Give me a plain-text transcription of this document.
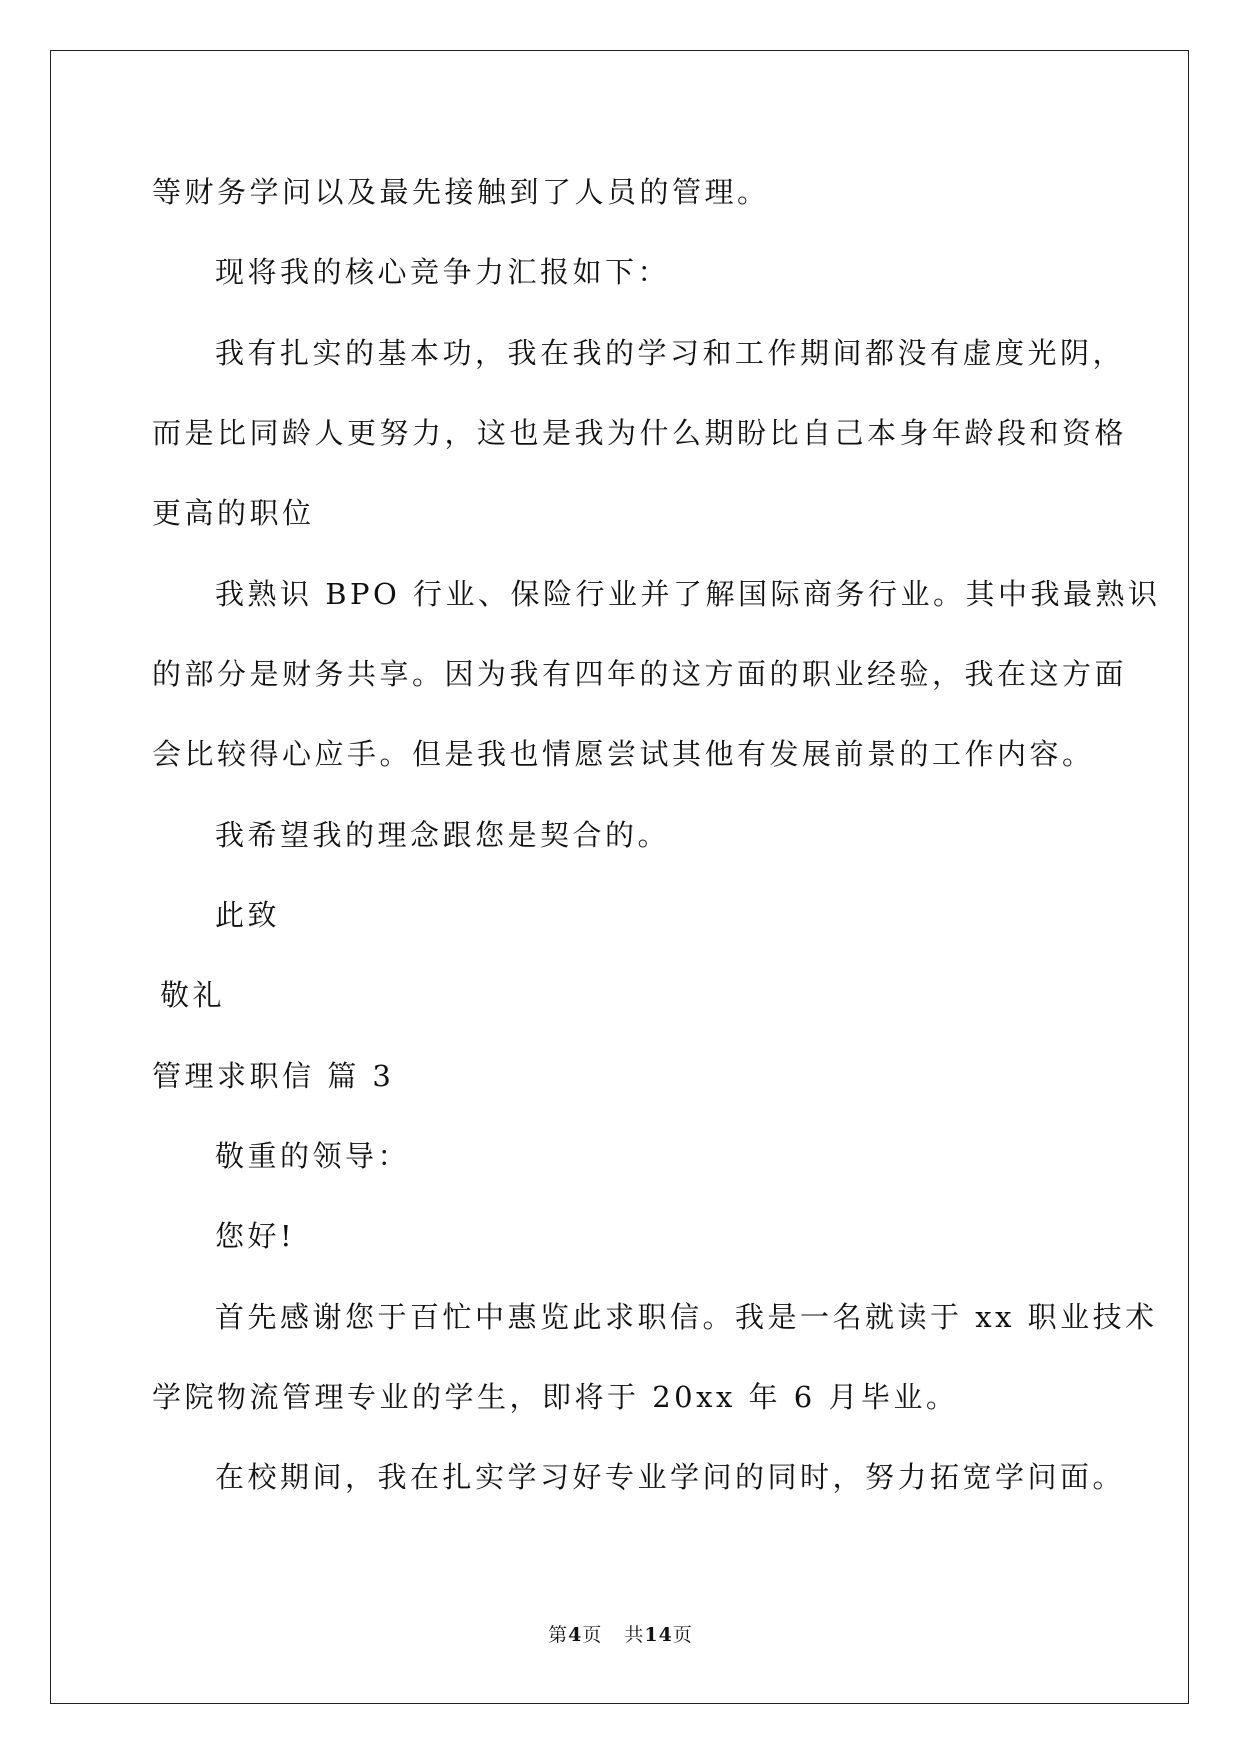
等财务学问以及最先接触到了人员的管理。
现将我的核心竞争力汇报如下：
我有扎实的基本功，我在我的学习和工作期间都没有虚度光阴，
而是比同龄人更努力，这也是我为什么期盼比自己本身年龄段和资格
更高的职位
我熟识 BPO 行业、保险行业并了解国际商务行业。其中我最熟识
的部分是财务共享。因为我有四年的这方面的职业经验，我在这方面
会比较得心应手。但是我也情愿尝试其他有发展前景的工作内容。
我希望我的理念跟您是契合的。
此致
敬礼
管理求职信 篇 3
敬重的领导：
您好!
首先感谢您于百忙中惠览此求职信。我是一名就读于 xx 职业技术
学院物流管理专业的学生，即将于 20xx 年 6 月毕业。
在校期间，我在扎实学习好专业学问的同时，努力拓宽学问面。
第4页 共14页
